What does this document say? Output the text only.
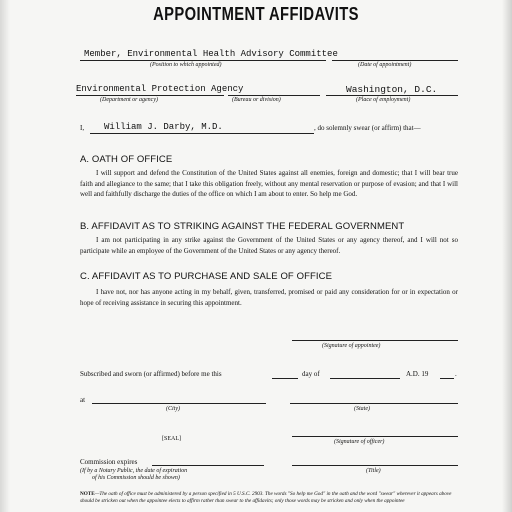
APPOINTMENT AFFIDAVITS
Member, Environmental Health Advisory Committee
(Position to which appointed)	(Date of appointment)
Environmental Protection Agency
(Department or agency)	(Bureau or division)
Washington, D.C.
(Place of employment)
I, William J. Darby, M.D.	, do solemnly swear (or affirm) that—
A. OATH OF OFFICE
I will support and defend the Constitution of the United States against all enemies, foreign and domestic; that I will bear true faith and allegiance to the same; that I take this obligation freely, without any mental reservation or purpose of evasion; and that I will well and faithfully discharge the duties of the office on which I am about to enter. So help me God.
B. AFFIDAVIT AS TO STRIKING AGAINST THE FEDERAL GOVERNMENT
I am not participating in any strike against the Government of the United States or any agency thereof, and I will not so participate while an employee of the Government of the United States or any agency thereof.
C. AFFIDAVIT AS TO PURCHASE AND SALE OF OFFICE
I have not, nor has anyone acting in my behalf, given, transferred, promised or paid any consideration for or in expectation or hope of receiving assistance in securing this appointment.
(Signature of appointee)
Subscribed and sworn (or affirmed) before me this	day of	A.D. 19	.
at
(City)	(State)
[SEAL]	(Signature of officer)
Commission expires
(If by a Notary Public, the date of expiration
of his Commission should be shown)
(Title)
NOTE—The oath of office must be administered by a person specified in 5 U.S.C. 2903. The words "So help me God" in the oath and the word "swear" wherever it appears above should be stricken out when the appointee elects to affirm rather than swear to the affidavits; only those words may be stricken and only when the appointee
